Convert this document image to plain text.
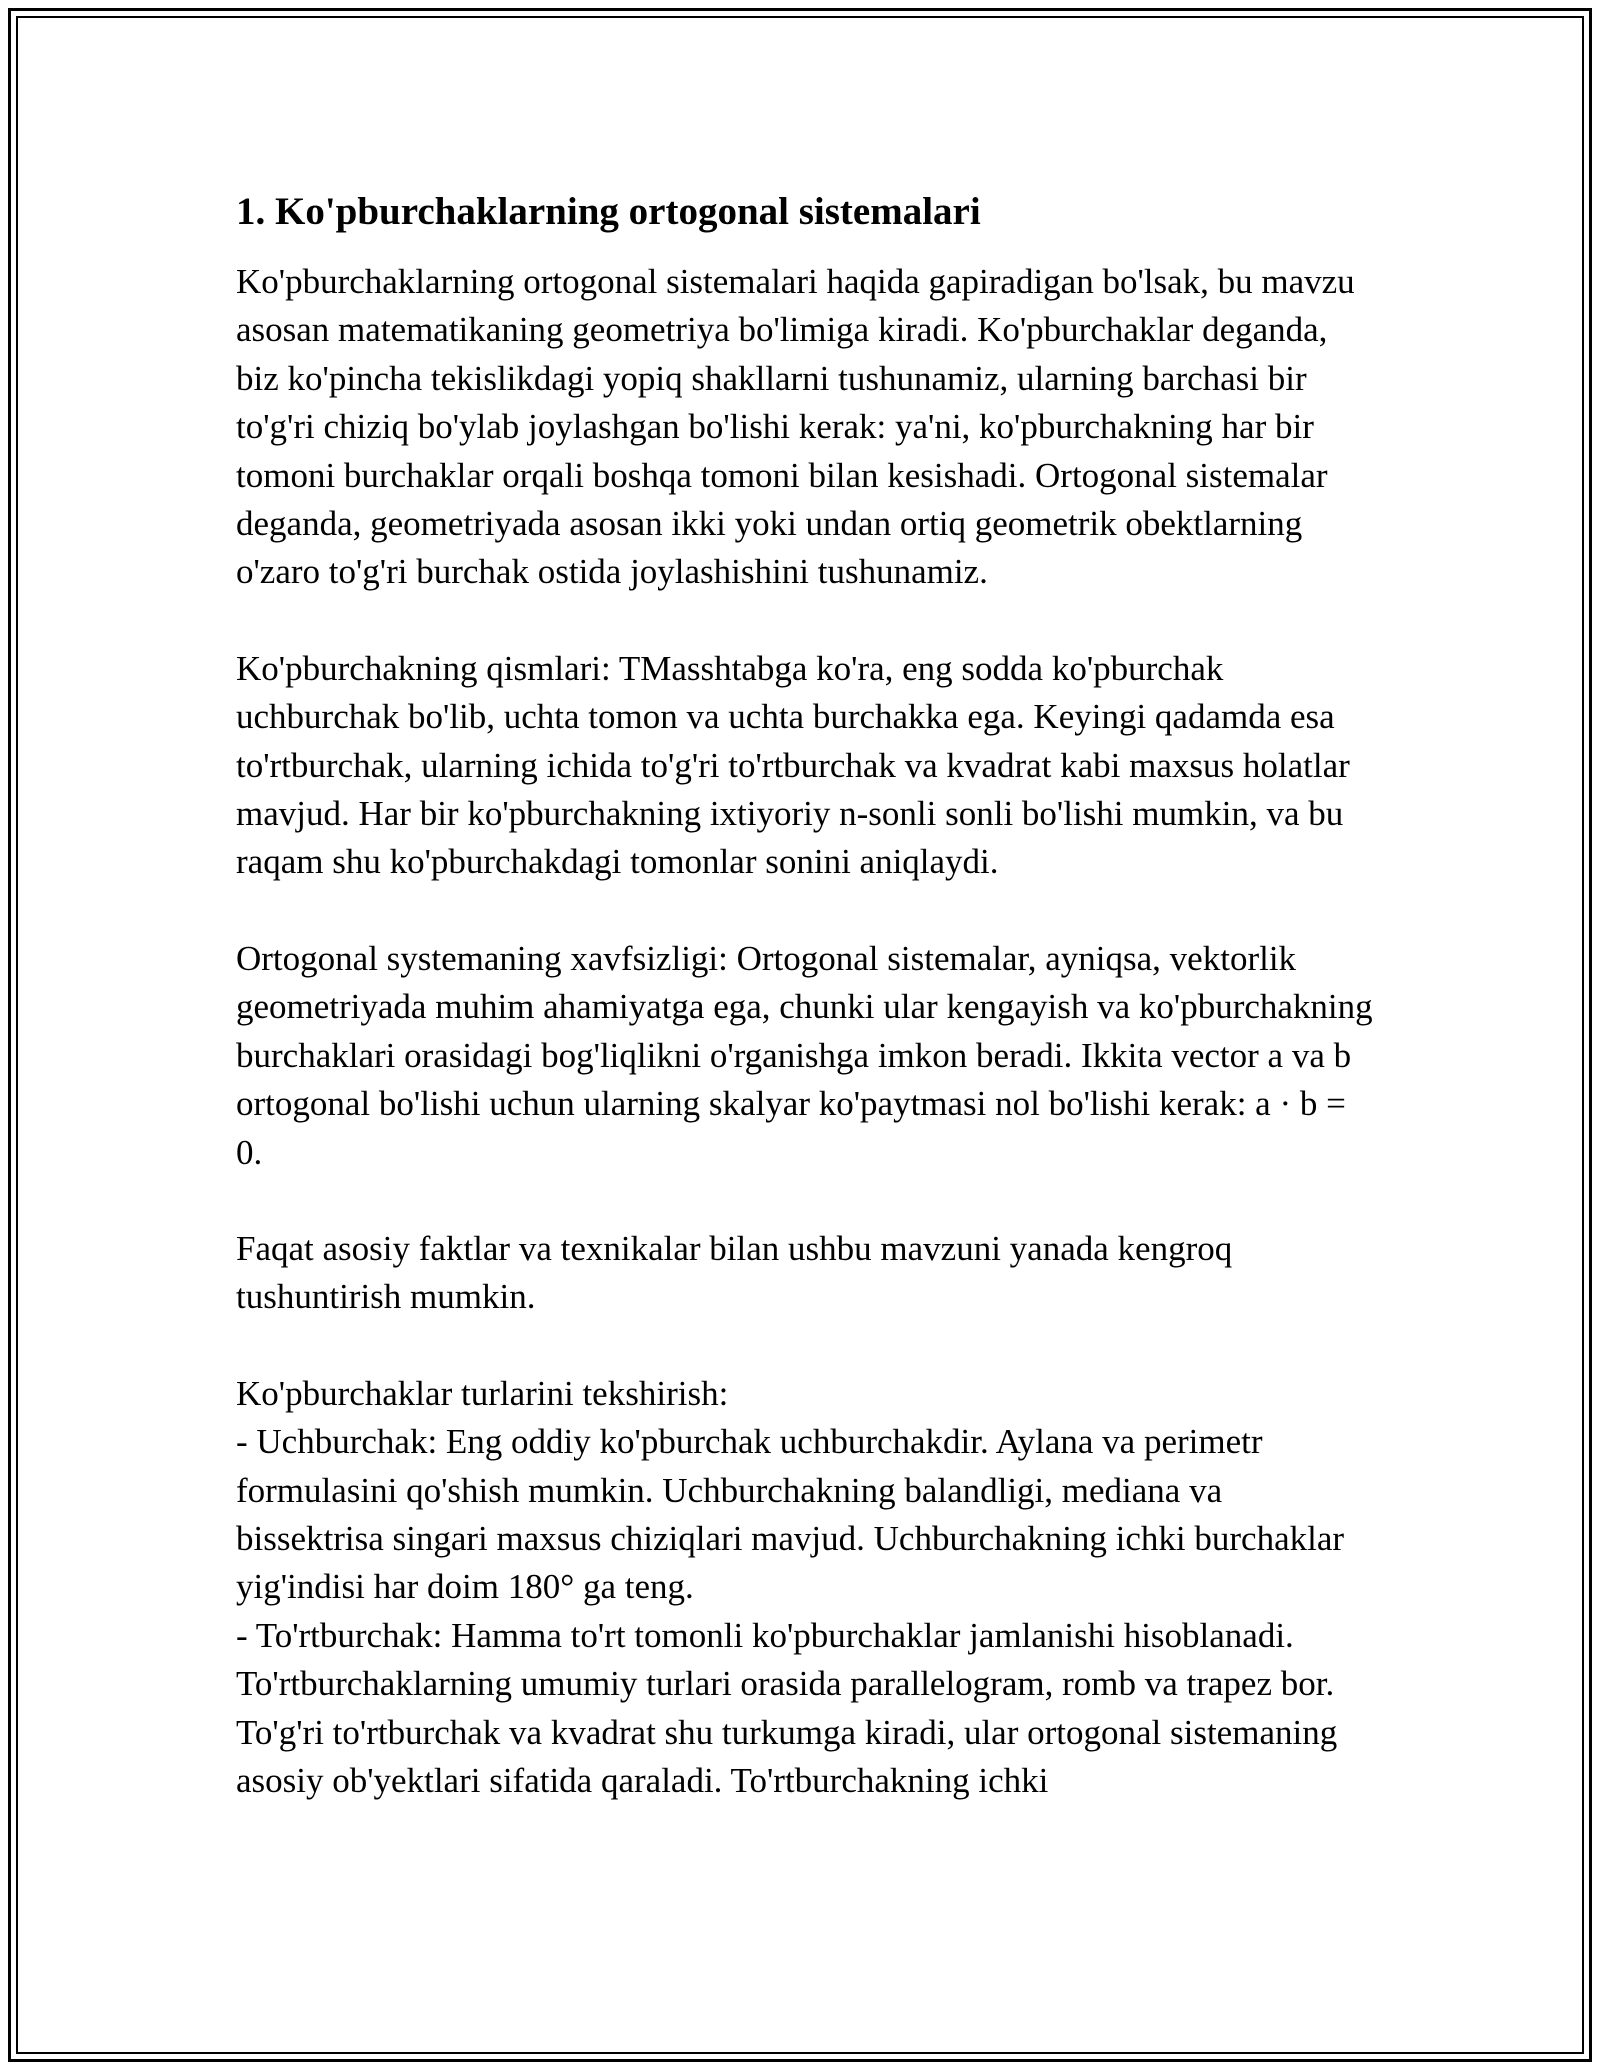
1. Ko'pburchaklarning ortogonal sistemalari

Ko'pburchaklarning ortogonal sistemalari haqida gapiradigan bo'lsak, bu mavzu asosan matematikaning geometriya bo'limiga kiradi. Ko'pburchaklar deganda, biz ko'pincha tekislikdagi yopiq shakllarni tushunamiz, ularning barchasi bir to'g'ri chiziq bo'ylab joylashgan bo'lishi kerak: ya'ni, ko'pburchakning har bir tomoni burchaklar orqali boshqa tomoni bilan kesishadi. Ortogonal sistemalar deganda, geometriyada asosan ikki yoki undan ortiq geometrik obektlarning o'zaro to'g'ri burchak ostida joylashishini tushunamiz.

Ko'pburchakning qismlari: TMasshtabga ko'ra, eng sodda ko'pburchak uchburchak bo'lib, uchta tomon va uchta burchakka ega. Keyingi qadamda esa to'rtburchak, ularning ichida to'g'ri to'rtburchak va kvadrat kabi maxsus holatlar mavjud. Har bir ko'pburchakning ixtiyoriy n-sonli sonli bo'lishi mumkin, va bu raqam shu ko'pburchakdagi tomonlar sonini aniqlaydi.

Ortogonal systemaning xavfsizligi: Ortogonal sistemalar, ayniqsa, vektorlik geometriyada muhim ahamiyatga ega, chunki ular kengayish va ko'pburchakning burchaklari orasidagi bog'liqlikni o'rganishga imkon beradi. Ikkita vector a va b ortogonal bo'lishi uchun ularning skalyar ko'paytmasi nol bo'lishi kerak: a · b = 0.

Faqat asosiy faktlar va texnikalar bilan ushbu mavzuni yanada kengroq tushuntirish mumkin.

Ko'pburchaklar turlarini tekshirish:
- Uchburchak: Eng oddiy ko'pburchak uchburchakdir. Aylana va perimetr formulasini qo'shish mumkin. Uchburchakning balandligi, mediana va bissektrisa singari maxsus chiziqlari mavjud. Uchburchakning ichki burchaklar yig'indisi har doim 180° ga teng.
- To'rtburchak: Hamma to'rt tomonli ko'pburchaklar jamlanishi hisoblanadi. To'rtburchaklarning umumiy turlari orasida parallelogram, romb va trapez bor. To'g'ri to'rtburchak va kvadrat shu turkumga kiradi, ular ortogonal sistemaning asosiy ob'yektlari sifatida qaraladi. To'rtburchakning ichki
